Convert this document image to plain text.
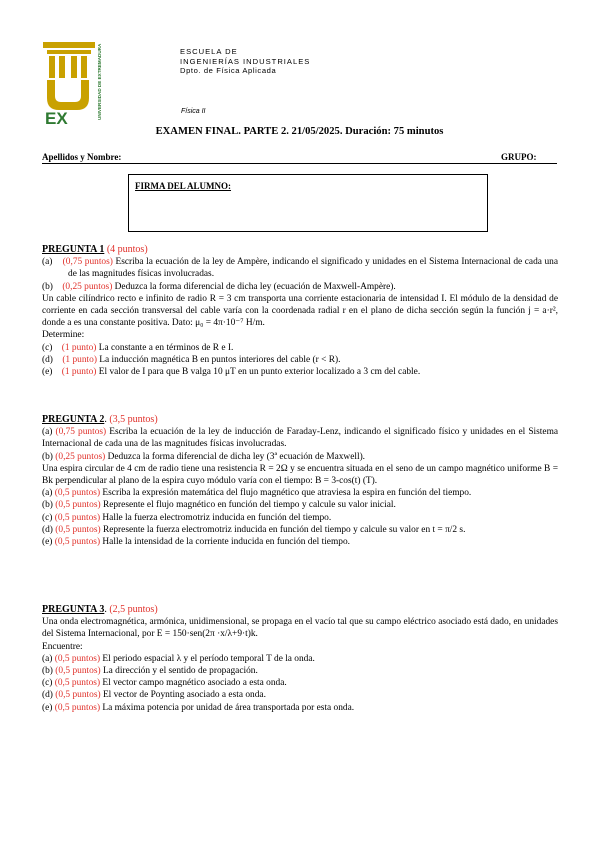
EX	UNIVERSIDAD DE EXTREMADURA	ESCUELA DE
INGENIERÍAS INDUSTRIALES
Dpto. de Física Aplicada
Física II
EXAMEN FINAL. PARTE 2. 21/05/2025. Duración: 75 minutos
Apellidos y Nombre:	GRUPO:
FIRMA DEL ALUMNO:

PREGUNTA 1 (4 puntos)

(a) (0,75 puntos) Escriba la ecuación de la ley de Ampère, indicando el significado y unidades en el Sistema Internacional de cada una de las magnitudes físicas involucradas.

(b) (0,25 puntos) Deduzca la forma diferencial de dicha ley (ecuación de Maxwell-Ampère).

Un cable cilíndrico recto e infinito de radio R = 3 cm transporta una corriente estacionaria de intensidad I. El módulo de la densidad de corriente en cada sección transversal del cable varía con la coordenada radial r en el plano de dicha sección según la función j = a·r², donde a es una constante positiva. Dato: μ₀ = 4π·10⁻⁷ H/m.

Determine:

(c) (1 punto) La constante a en términos de R e I.

(d) (1 punto) La inducción magnética B en puntos interiores del cable (r < R).

(e) (1 punto) El valor de I para que B valga 10 μT en un punto exterior localizado a 3 cm del cable.

PREGUNTA 2. (3,5 puntos)

(a) (0,75 puntos) Escriba la ecuación de la ley de inducción de Faraday-Lenz, indicando el significado físico y unidades en el Sistema Internacional de cada una de las magnitudes físicas involucradas.

(b) (0,25 puntos) Deduzca la forma diferencial de dicha ley (3ª ecuación de Maxwell).

Una espira circular de 4 cm de radio tiene una resistencia R = 2Ω y se encuentra situada en el seno de un campo magnético uniforme B = Bk perpendicular al plano de la espira cuyo módulo varía con el tiempo: B = 3-cos(t) (T).

(a) (0,5 puntos) Escriba la expresión matemática del flujo magnético que atraviesa la espira en función del tiempo.

(b) (0,5 puntos) Represente el flujo magnético en función del tiempo y calcule su valor inicial.

(c) (0,5 puntos) Halle la fuerza electromotriz inducida en función del tiempo.

(d) (0,5 puntos) Represente la fuerza electromotriz inducida en función del tiempo y calcule su valor en t = π/2 s.

(e) (0,5 puntos) Halle la intensidad de la corriente inducida en función del tiempo.

PREGUNTA 3. (2,5 puntos)

Una onda electromagnética, armónica, unidimensional, se propaga en el vacío tal que su campo eléctrico asociado está dado, en unidades del Sistema Internacional, por E = 150·sen(2π ·x/λ+9·t)k.

Encuentre:

(a) (0,5 puntos) El periodo espacial λ y el período temporal T de la onda.

(b) (0,5 puntos) La dirección y el sentido de propagación.

(c) (0,5 puntos) El vector campo magnético asociado a esta onda.

(d) (0,5 puntos) El vector de Poynting asociado a esta onda.

(e) (0,5 puntos) La máxima potencia por unidad de área transportada por esta onda.
